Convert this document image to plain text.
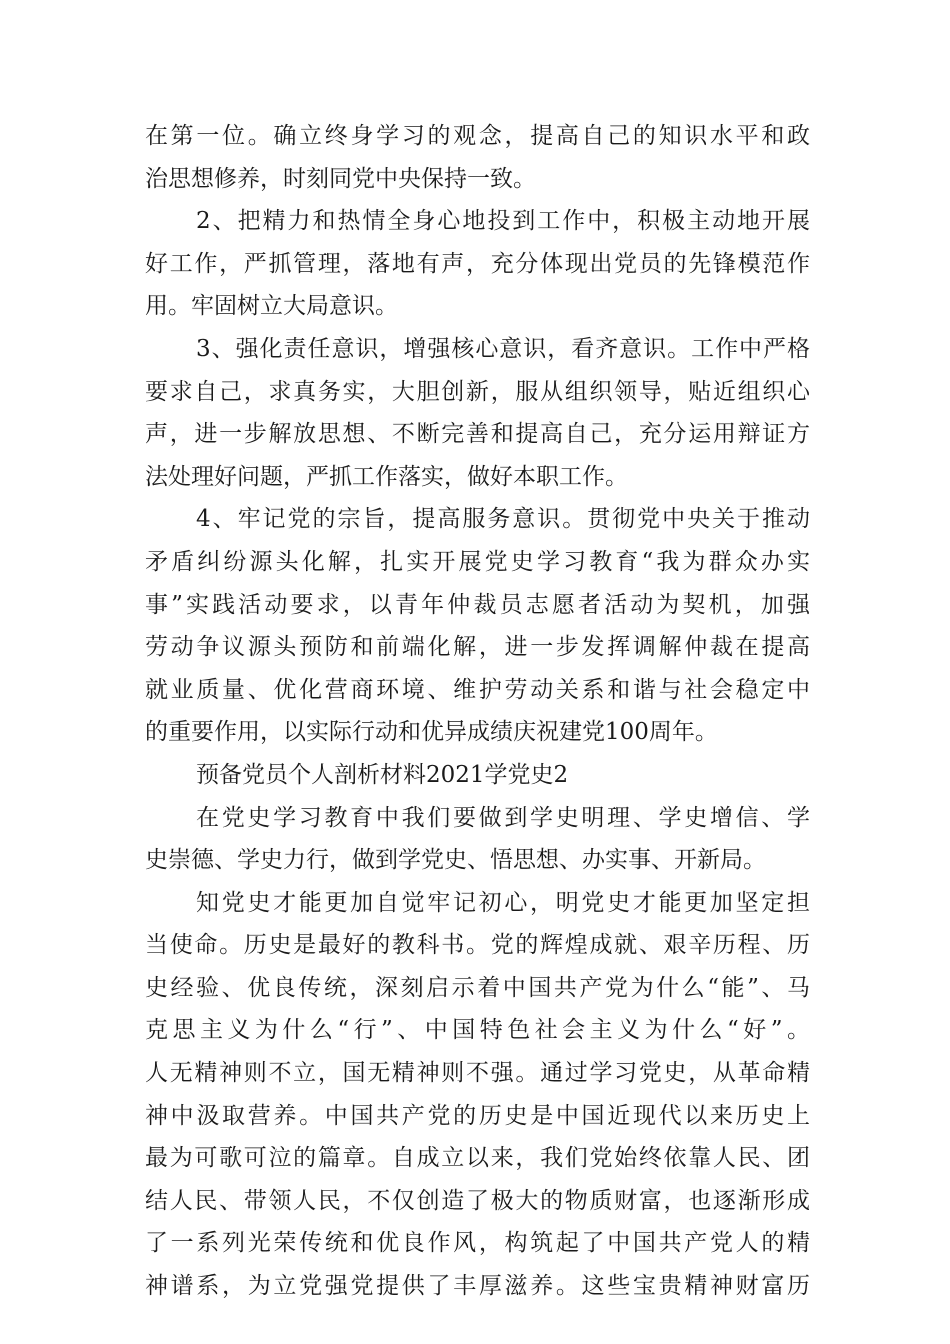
在第一位。确立终身学习的观念，提高自己的知识水平和政
治思想修养，时刻同党中央保持一致。
2、把精力和热情全身心地投到工作中，积极主动地开展
好工作，严抓管理，落地有声，充分体现出党员的先锋模范作
用。牢固树立大局意识。
3、强化责任意识，增强核心意识，看齐意识。工作中严格
要求自己，求真务实，大胆创新，服从组织领导，贴近组织心
声，进一步解放思想、不断完善和提高自己，充分运用辩证方
法处理好问题，严抓工作落实，做好本职工作。
4、牢记党的宗旨，提高服务意识。贯彻党中央关于推动
矛盾纠纷源头化解，扎实开展党史学习教育“我为群众办实
事”实践活动要求，以青年仲裁员志愿者活动为契机，加强
劳动争议源头预防和前端化解，进一步发挥调解仲裁在提高
就业质量、优化营商环境、维护劳动关系和谐与社会稳定中
的重要作用，以实际行动和优异成绩庆祝建党100周年。
预备党员个人剖析材料2021学党史2
在党史学习教育中我们要做到学史明理、学史增信、学
史崇德、学史力行，做到学党史、悟思想、办实事、开新局。
知党史才能更加自觉牢记初心，明党史才能更加坚定担
当使命。历史是最好的教科书。党的辉煌成就、艰辛历程、历
史经验、优良传统，深刻启示着中国共产党为什么“能”、马
克思主义为什么“行”、中国特色社会主义为什么“好”。
人无精神则不立，国无精神则不强。通过学习党史，从革命精
神中汲取营养。中国共产党的历史是中国近现代以来历史上
最为可歌可泣的篇章。自成立以来，我们党始终依靠人民、团
结人民、带领人民，不仅创造了极大的物质财富，也逐渐形成
了一系列光荣传统和优良作风，构筑起了中国共产党人的精
神谱系，为立党强党提供了丰厚滋养。这些宝贵精神财富历
